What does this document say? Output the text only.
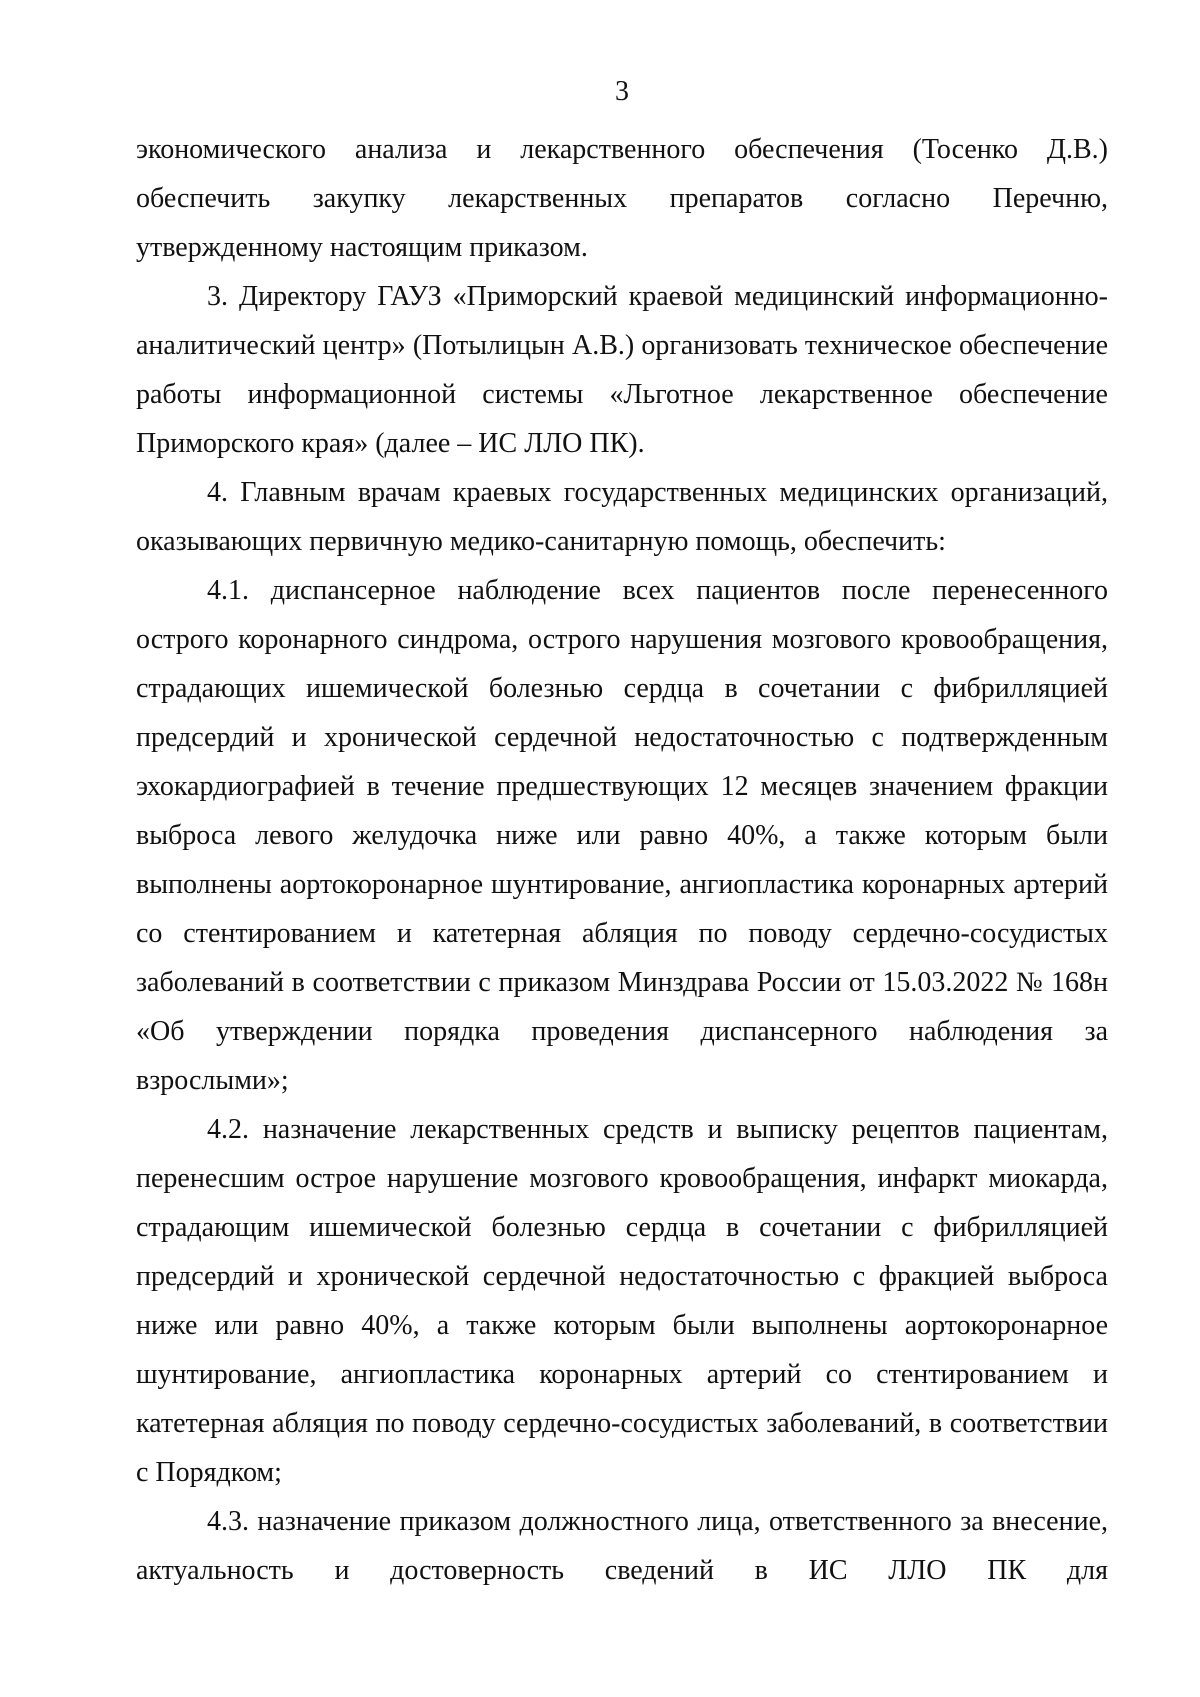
3

экономического анализа и лекарственного обеспечения (Тосенко Д.В.) обеспечить закупку лекарственных препаратов согласно Перечню, утвержденному настоящим приказом.

3. Директору ГАУЗ «Приморский краевой медицинский информационно-аналитический центр» (Потылицын А.В.) организовать техническое обеспечение работы информационной системы «Льготное лекарственное обеспечение Приморского края» (далее – ИС ЛЛО ПК).

4. Главным врачам краевых государственных медицинских организаций, оказывающих первичную медико-санитарную помощь, обеспечить:

4.1. диспансерное наблюдение всех пациентов после перенесенного острого коронарного синдрома, острого нарушения мозгового кровообращения, страдающих ишемической болезнью сердца в сочетании с фибрилляцией предсердий и хронической сердечной недостаточностью с подтвержденным эхокардиографией в течение предшествующих 12 месяцев значением фракции выброса левого желудочка ниже или равно 40%, а также которым были выполнены аортокоронарное шунтирование, ангиопластика коронарных артерий со стентированием и катетерная абляция по поводу сердечно-сосудистых заболеваний в соответствии с приказом Минздрава России от 15.03.2022 № 168н «Об утверждении порядка проведения диспансерного наблюдения за взрослыми»;

4.2. назначение лекарственных средств и выписку рецептов пациентам, перенесшим острое нарушение мозгового кровообращения, инфаркт миокарда, страдающим ишемической болезнью сердца в сочетании с фибрилляцией предсердий и хронической сердечной недостаточностью с фракцией выброса ниже или равно 40%, а также которым были выполнены аортокоронарное шунтирование, ангиопластика коронарных артерий со стентированием и катетерная абляция по поводу сердечно-сосудистых заболеваний, в соответствии с Порядком;

4.3. назначение приказом должностного лица, ответственного за внесение, актуальность и достоверность сведений в ИС ЛЛО ПК для
